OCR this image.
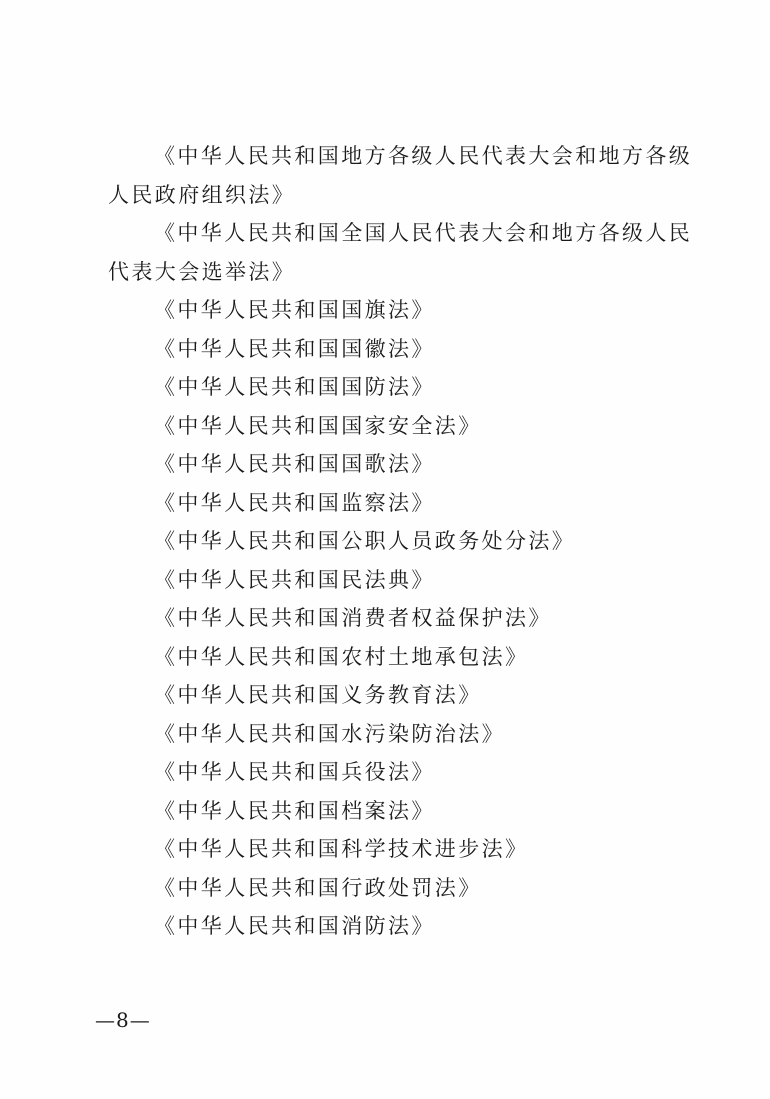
《中华人民共和国地方各级人民代表大会和地方各级人民政府组织法》
《中华人民共和国全国人民代表大会和地方各级人民代表大会选举法》
《中华人民共和国国旗法》
《中华人民共和国国徽法》
《中华人民共和国国防法》
《中华人民共和国国家安全法》
《中华人民共和国国歌法》
《中华人民共和国监察法》
《中华人民共和国公职人员政务处分法》
《中华人民共和国民法典》
《中华人民共和国消费者权益保护法》
《中华人民共和国农村土地承包法》
《中华人民共和国义务教育法》
《中华人民共和国水污染防治法》
《中华人民共和国兵役法》
《中华人民共和国档案法》
《中华人民共和国科学技术进步法》
《中华人民共和国行政处罚法》
《中华人民共和国消防法》
—8—
